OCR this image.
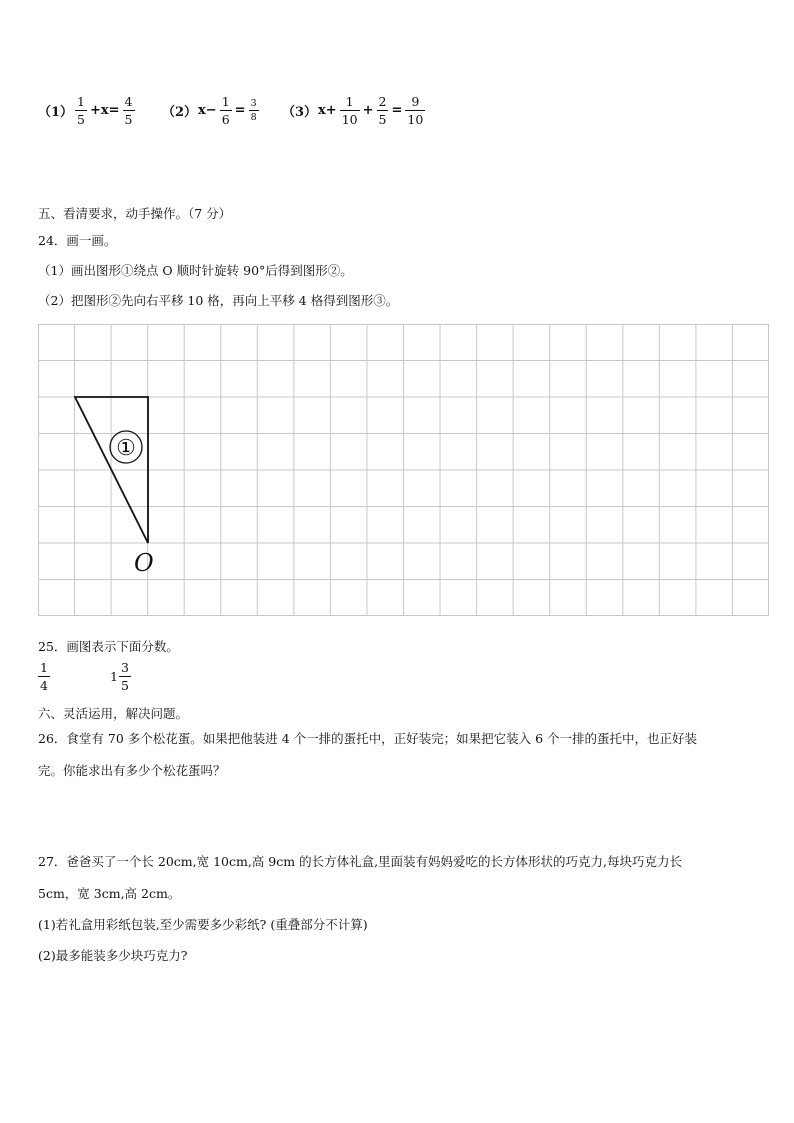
$(1) \frac{1}{5} +x= \frac{4}{5} (2)$ $x- \frac{1}{6} = \frac{3}{8} (3)$ $x+ \frac{1}{10} + \frac{2}{5} = \frac{9}{10}$
五、看清要求，动手操作。（7 分）
24．画一画。
（1）画出图形①绕点 O 顺时针旋转 90°后得到图形②。
（2）把图形②先向右平移 10 格，再向上平移 4 格得到图形③。
①
O
25．画图表示下面分数。
$\frac{1}{4}$	$1 \frac{3}{5}$
六、灵活运用，解决问题。
26．食堂有 70 多个松花蛋。如果把他装进 4 个一排的蛋托中，正好装完；如果把它装入 6 个一排的蛋托中，也正好装
完。你能求出有多少个松花蛋吗？
27．爸爸买了一个长 20cm,宽 10cm,高 9cm 的长方体礼盒,里面装有妈妈爱吃的长方体形状的巧克力,每块巧克力长
5cm，宽 3cm,高 2cm。
(1)若礼盒用彩纸包装,至少需要多少彩纸? (重叠部分不计算)
(2)最多能装多少块巧克力?
